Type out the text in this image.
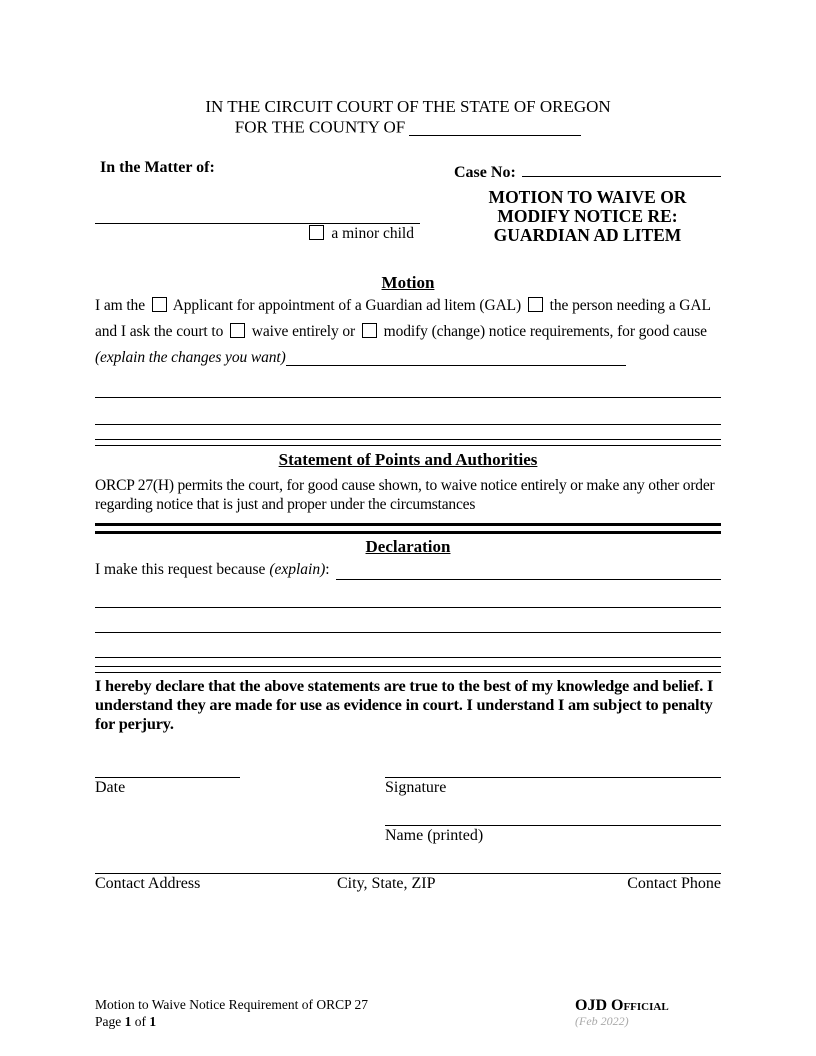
IN THE CIRCUIT COURT OF THE STATE OF OREGON
FOR THE COUNTY OF
In the Matter of:
a minor child
Case No:
MOTION TO WAIVE OR
MODIFY NOTICE RE:
GUARDIAN AD LITEM
Motion

I am the Applicant for appointment of a Guardian ad litem (GAL) the person needing a GAL and I ask the court to waive entirely or modify (change) notice requirements, for good cause (explain the changes you want)

Statement of Points and Authorities

ORCP 27(H) permits the court, for good cause shown, to waive notice entirely or make any other order regarding notice that is just and proper under the circumstances

Declaration
I make this request because (explain):

I hereby declare that the above statements are true to the best of my knowledge and belief. I understand they are made for use as evidence in court. I understand I am subject to penalty for perjury.

Date	Signature
Name (printed)
Contact Address	City, State, ZIP	Contact Phone
Motion to Waive Notice Requirement of ORCP 27
Page 1 of 1
OJD Official
(Feb 2022)
